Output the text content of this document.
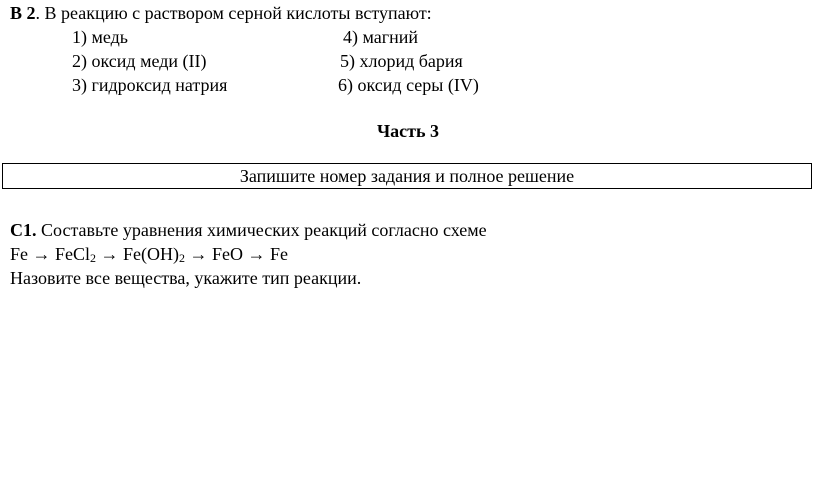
В 2. В реакцию с раствором серной кислоты вступают:
1) медь	4) магний
2) оксид меди (II)	5) хлорид бария
3) гидроксид натрия	6) оксид серы (IV)
Часть 3
Запишите номер задания и полное решение
С1. Составьте уравнения химических реакций согласно схеме
Fe → FeCl$_2$ → $Fe(OH)_2$ → FeO → Fe
Назовите все вещества, укажите тип реакции.
